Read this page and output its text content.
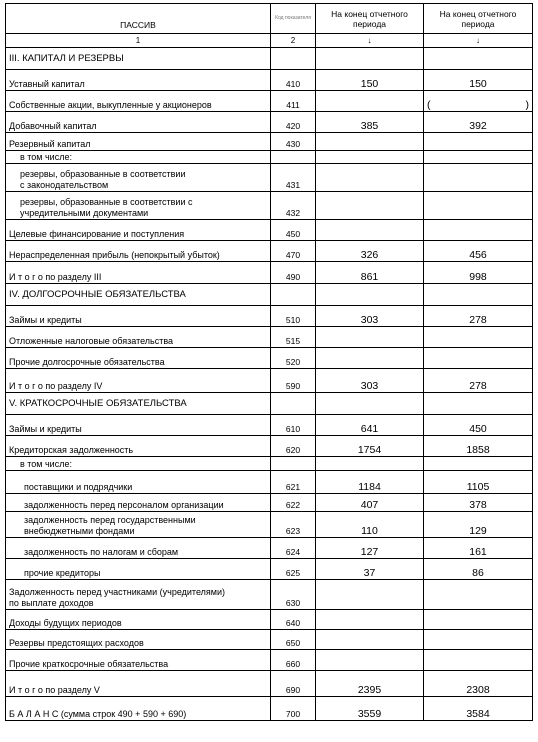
ПАССИВ	Код показателя	На конец отчетного периода	На конец отчетного периода
1	2	↓	↓
III. КАПИТАЛ И РЕЗЕРВЫ			
Уставный капитал	410	150	150
Собственные акции, выкупленные у акционеров	411		( )

Добавочный капитал	420	385	392
Резервный капитал	430		
в том числе:			
резервы, образованные в соответствии
с законодательством	431		
резервы, образованные в соответствии с
учредительными документами	432		
Целевые финансирование и поступления	450		
Нераспределенная прибыль (непокрытый убыток)	470	326	456
И т о г о по разделу III	490	861	998
IV. ДОЛГОСРОЧНЫЕ ОБЯЗАТЕЛЬСТВА			
Займы и кредиты	510	303	278
Отложенные налоговые обязательства	515		
Прочие долгосрочные обязательства	520		
И т о г о по разделу IV	590	303	278
V. КРАТКОСРОЧНЫЕ ОБЯЗАТЕЛЬСТВА			
Займы и кредиты	610	641	450
Кредиторская задолженность	620	1754	1858
в том числе:			
поставщики и подрядчики	621	1184	1105
задолженность перед персоналом организации	622	407	378
задолженность перед государственными
внебюджетными фондами	623	110	129
задолженность по налогам и сборам	624	127	161
прочие кредиторы	625	37	86
Задолженность перед участниками (учредителями)
по выплате доходов	630		
Доходы будущих периодов	640		
Резервы предстоящих расходов	650		
Прочие краткосрочные обязательства	660		
И т о г о по разделу V	690	2395	2308
Б А Л А Н С (сумма строк 490 + 590 + 690)	700	3559	3584
